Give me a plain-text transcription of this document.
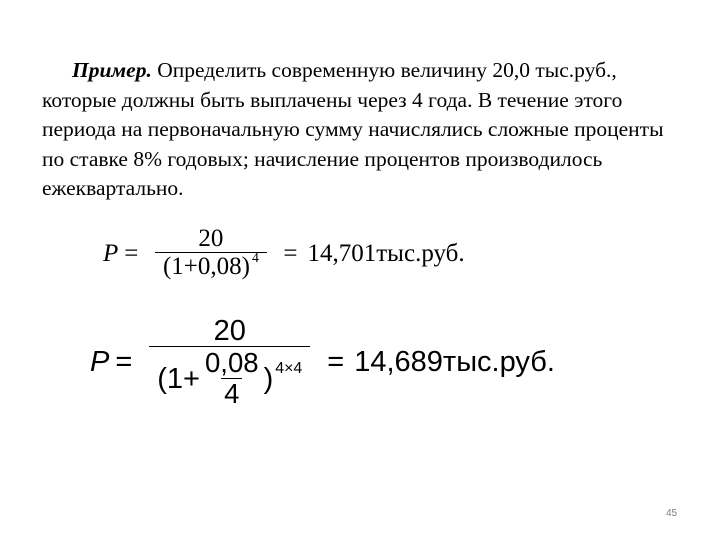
Пример. Определить современную величину 20,0 тыс.руб., которые должны быть выплачены через 4 года. В течение этого периода на первоначальную сумму начислялись сложные проценты по ставке 8% годовых; начисление процентов производилось ежеквартально.

$P = \frac{20}{(1+0,08) 4} = 14,701тыс.руб$.
P =
20
($1+ \frac{0,08}{4}$ ) 4×4 = 14,689тыс.руб.
45
